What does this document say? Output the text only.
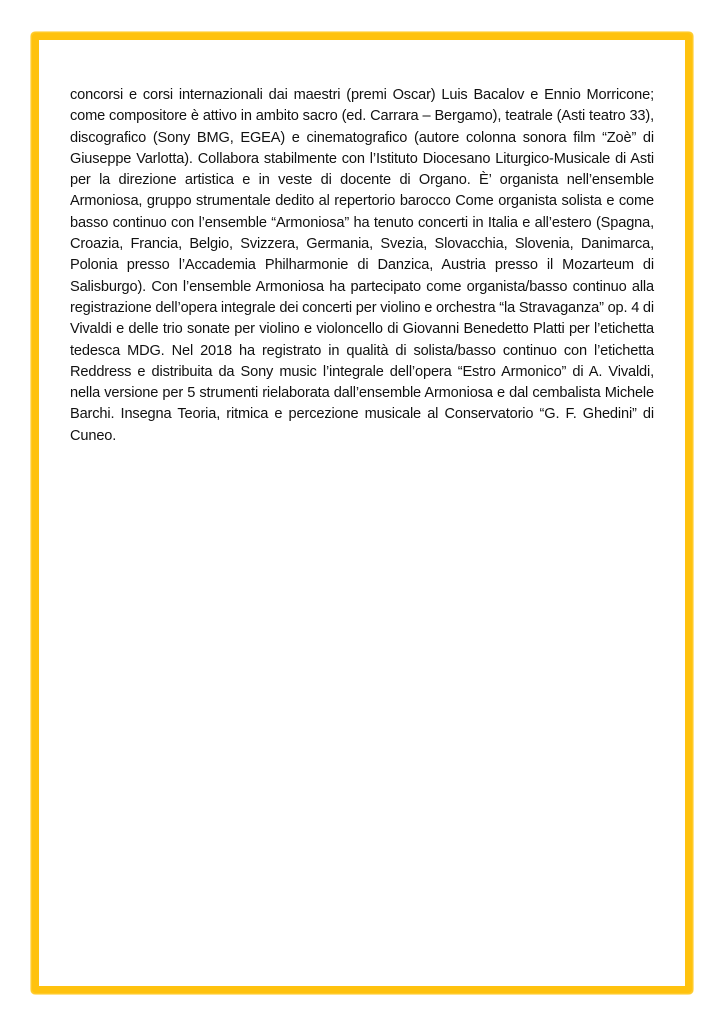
concorsi e corsi internazionali dai maestri (premi Oscar) Luis Bacalov e Ennio Morricone; come compositore è attivo in ambito sacro (ed. Carrara – Bergamo), teatrale (Asti teatro 33), discografico (Sony BMG, EGEA) e cinematografico (autore colonna sonora film “Zoè” di Giuseppe Varlotta). Collabora stabilmente con l’Istituto Diocesano Liturgico-Musicale di Asti per la direzione artistica e in veste di docente di Organo. È’ organista nell’ensemble Armoniosa, gruppo strumentale dedito al repertorio barocco Come organista solista e come basso continuo con l’ensemble “Armoniosa” ha tenuto concerti in Italia e all’estero (Spagna, Croazia, Francia, Belgio, Svizzera, Germania, Svezia, Slovacchia, Slovenia, Danimarca, Polonia presso l’Accademia Philharmonie di Danzica, Austria presso il Mozarteum di Salisburgo). Con l’ensemble Armoniosa ha partecipato come organista/basso continuo alla registrazione dell’opera integrale dei concerti per violino e orchestra “la Stravaganza” op. 4 di Vivaldi e delle trio sonate per violino e violoncello di Giovanni Benedetto Platti per l’etichetta tedesca MDG. Nel 2018 ha registrato in qualità di solista/basso continuo con l’etichetta Reddress e distribuita da Sony music l’integrale dell’opera “Estro Armonico” di A. Vivaldi, nella versione per 5 strumenti rielaborata dall’ensemble Armoniosa e dal cembalista Michele Barchi. Insegna Teoria, ritmica e percezione musicale al Conservatorio “G. F. Ghedini” di Cuneo.
